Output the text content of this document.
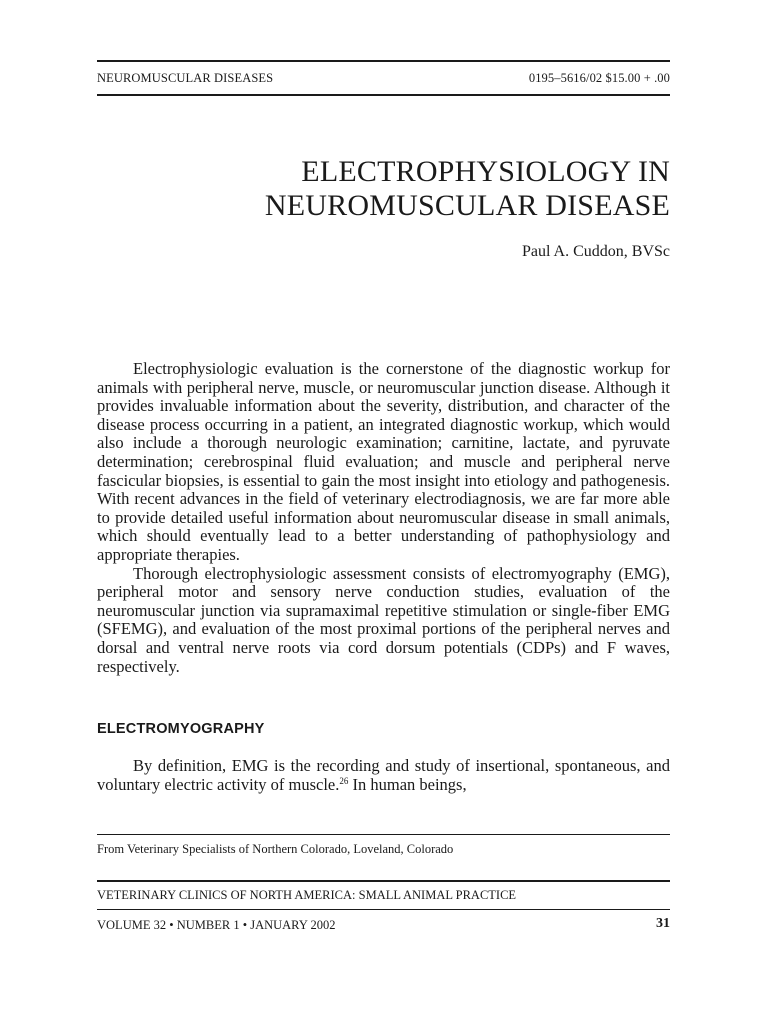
NEUROMUSCULAR DISEASES	0195–5616/02 $15.00 + .00
ELECTROPHYSIOLOGY IN
NEUROMUSCULAR DISEASE
Paul A. Cuddon, BVSc

Electrophysiologic evaluation is the cornerstone of the diagnostic workup for animals with peripheral nerve, muscle, or neuromuscular junction disease. Although it provides invaluable information about the severity, distribution, and character of the disease process occurring in a patient, an integrated diagnostic workup, which would also include a thorough neurologic examination; carnitine, lactate, and pyruvate determination; cerebrospinal fluid evaluation; and muscle and peripheral nerve fascicular biopsies, is essential to gain the most insight into etiology and pathogenesis. With recent advances in the field of veterinary electrodiagnosis, we are far more able to provide detailed useful information about neuromuscular disease in small animals, which should eventually lead to a better understanding of pathophysiology and appropriate therapies.

Thorough electrophysiologic assessment consists of electromyography (EMG), peripheral motor and sensory nerve conduction studies, evaluation of the neuromuscular junction via supramaximal repetitive stimulation or single-fiber EMG (SFEMG), and evaluation of the most proximal portions of the peripheral nerves and dorsal and ventral nerve roots via cord dorsum potentials (CDPs) and F waves, respectively.

ELECTROMYOGRAPHY

By definition, EMG is the recording and study of insertional, spontaneous, and voluntary electric activity of muscle.$^{26}$ In human beings,

From Veterinary Specialists of Northern Colorado, Loveland, Colorado
VETERINARY CLINICS OF NORTH AMERICA: SMALL ANIMAL PRACTICE
VOLUME 32 • NUMBER 1 • JANUARY 2002	31
